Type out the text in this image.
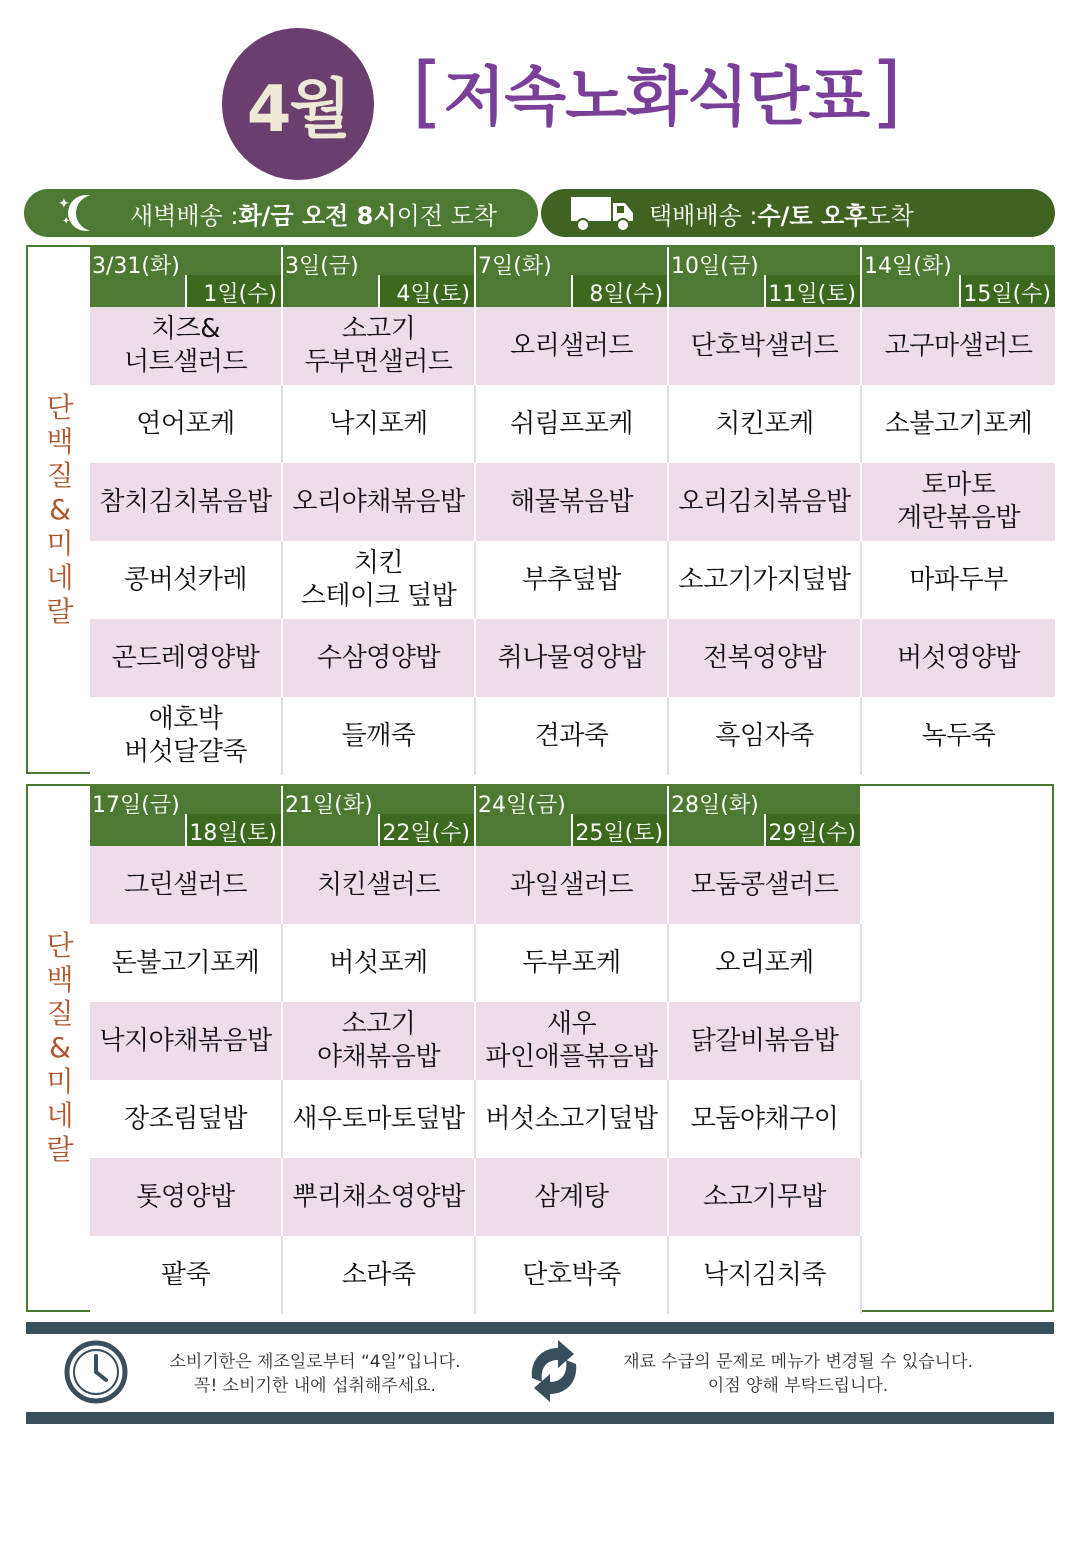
4월 [ 저속노화식단표 ]
✦
✦ 새벽배송 : 화/금 오전 8시 이전 도착	택배배송 : 수/토 오후 도착
단
백
질
&
미
네
랄
3/31(화)
1일(수)
치즈&
너트샐러드
연어포케
참치김치볶음밥
콩버섯카레
곤드레영양밥
애호박
버섯달걀죽
3일(금)
4일(토)
소고기
두부면샐러드
낙지포케
오리야채볶음밥
치킨
스테이크 덮밥
수삼영양밥
들깨죽
7일(화)
8일(수)
오리샐러드
쉬림프포케
해물볶음밥
부추덮밥
취나물영양밥
견과죽
10일(금)
11일(토)
단호박샐러드
치킨포케
오리김치볶음밥
소고기가지덮밥
전복영양밥
흑임자죽
14일(화)
15일(수)
고구마샐러드
소불고기포케
토마토
계란볶음밥
마파두부
버섯영양밥
녹두죽
단
백
질
&
미
네
랄
17일(금)
18일(토)
그린샐러드
돈불고기포케
낙지야채볶음밥
장조림덮밥
톳영양밥
팥죽
21일(화)
22일(수)
치킨샐러드
버섯포케
소고기
야채볶음밥
새우토마토덮밥
뿌리채소영양밥
소라죽
24일(금)
25일(토)
과일샐러드
두부포케
새우
파인애플볶음밥
버섯소고기덮밥
삼계탕
단호박죽
28일(화)
29일(수)
모둠콩샐러드
오리포케
닭갈비볶음밥
모둠야채구이
소고기무밥
낙지김치죽
소비기한은 제조일로부터 “4일”입니다.
꼭! 소비기한 내에 섭취해주세요.
재료 수급의 문제로 메뉴가 변경될 수 있습니다.
이점 양해 부탁드립니다.
